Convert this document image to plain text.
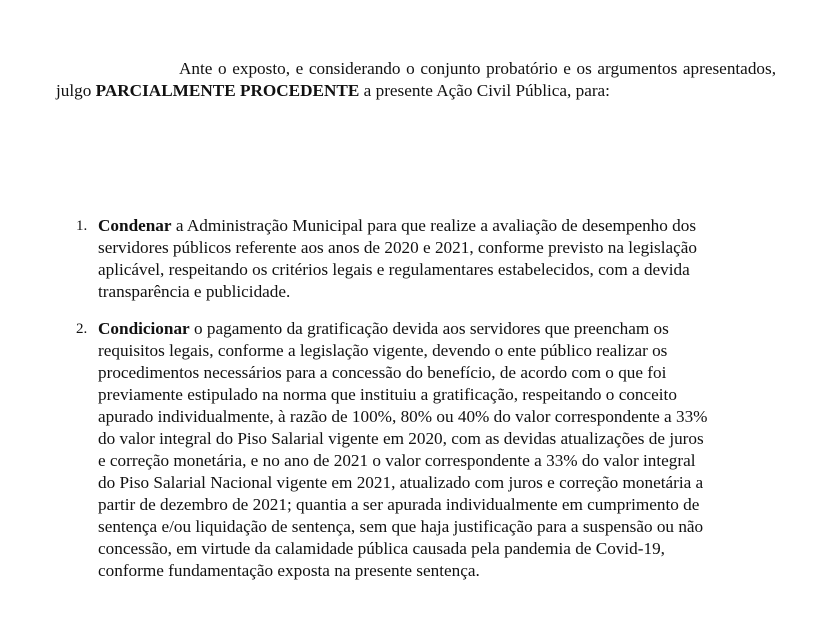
Ante o exposto, e considerando o conjunto probatório e os argumentos apresentados, julgo PARCIALMENTE PROCEDENTE a presente Ação Civil Pública, para:

1. Condenar a Administração Municipal para que realize a avaliação de desempenho dos
servidores públicos referente aos anos de 2020 e 2021, conforme previsto na legislação
aplicável, respeitando os critérios legais e regulamentares estabelecidos, com a devida
transparência e publicidade.
2. Condicionar o pagamento da gratificação devida aos servidores que preencham os
requisitos legais, conforme a legislação vigente, devendo o ente público realizar os
procedimentos necessários para a concessão do benefício, de acordo com o que foi
previamente estipulado na norma que instituiu a gratificação, respeitando o conceito
apurado individualmente, à razão de 100%, 80% ou 40% do valor correspondente a 33%
do valor integral do Piso Salarial vigente em 2020, com as devidas atualizações de juros
e correção monetária, e no ano de 2021 o valor correspondente a 33% do valor integral
do Piso Salarial Nacional vigente em 2021, atualizado com juros e correção monetária a
partir de dezembro de 2021; quantia a ser apurada individualmente em cumprimento de
sentença e/ou liquidação de sentença, sem que haja justificação para a suspensão ou não
concessão, em virtude da calamidade pública causada pela pandemia de Covid-19,
conforme fundamentação exposta na presente sentença.
